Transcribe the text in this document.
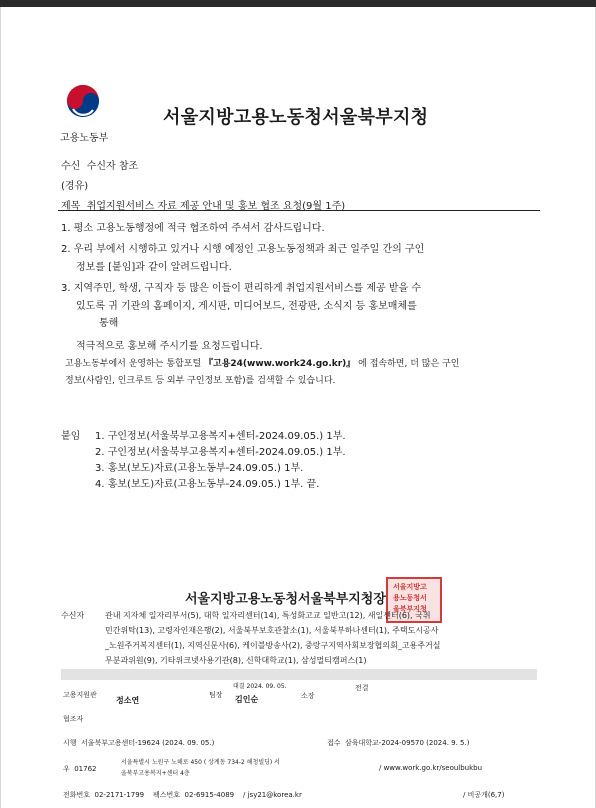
고용노동부
서울지방고용노동청서울북부지청
수신 수신자 참조
(경유)
제목 취업지원서비스 자료 제공 안내 및 홍보 협조 요청(9월 1주)
1. 평소 고용노동행정에 적극 협조하여 주셔서 감사드립니다.
2. 우리 부에서 시행하고 있거나 시행 예정인 고용노동정책과 최근 일주일 간의 구인
정보를 [붙임]과 같이 알려드립니다.
3. 지역주민, 학생, 구직자 등 많은 이들이 편리하게 취업지원서비스를 제공 받을 수
있도록 귀 기관의 홈페이지, 게시판, 미디어보드, 전광판, 소식지 등 홍보매체를
통해
적극적으로 홍보해 주시기를 요청드립니다.
고용노동부에서 운영하는 통합포털 『고용24(www.work24.go.kr)』 에 접속하면, 더 많은 구인
정보(사람인, 인크루트 등 외부 구인정보 포함)를 검색할 수 있습니다.
붙임 1. 구인정보(서울북부고용복지+센터-2024.09.05.) 1부.
2. 구인정보(서울북부고용복지+센터-2024.09.05.) 1부.
3. 홍보(보도)자료(고용노동부-24.09.05.) 1부.
4. 홍보(보도)자료(고용노동부-24.09.05.) 1부. 끝.
서울지방고
용노동청서
울북부지청
서울지방고용노동청서울북부지청장
수신자	관내 지자체 일자리부서(5), 대학 일자리센터(14), 특성화고교 일반고(12), 새일센터(6), 국취
민간위탁(13), 고령자인재은행(2), 서울북부보호관찰소(1), 서울북부하나센터(1), 주택도시공사
_노원주거복지센터(1), 지역신문사(6), 케이블방송사(2), 중랑구지역사회보장협의회_고용주거실
무분과위원(9), 기타위크넷사용기관(8), 신학대학교(1), 삼성멀티캠퍼스(1)
고용지원관 정소연	팀장
대결 2024. 09. 05.
김인순	소장
전결
협조자
시행 서울북부고용센터-19624 (2024. 09. 05.)	접수 삼육대학교-2024-09570 (2024. 9. 5.)
우 01762
서울특별시 노원구 노해로 450 ( 상계동 734-2 해청빌딩) 서
울북부고용복지+센터 4층
/ www.work.go.kr/seoulbukbu
전화번호 02-2171-1799 팩스번호 02-6915-4089 / jsy21@korea.kr	/ 비공개(6,7)
